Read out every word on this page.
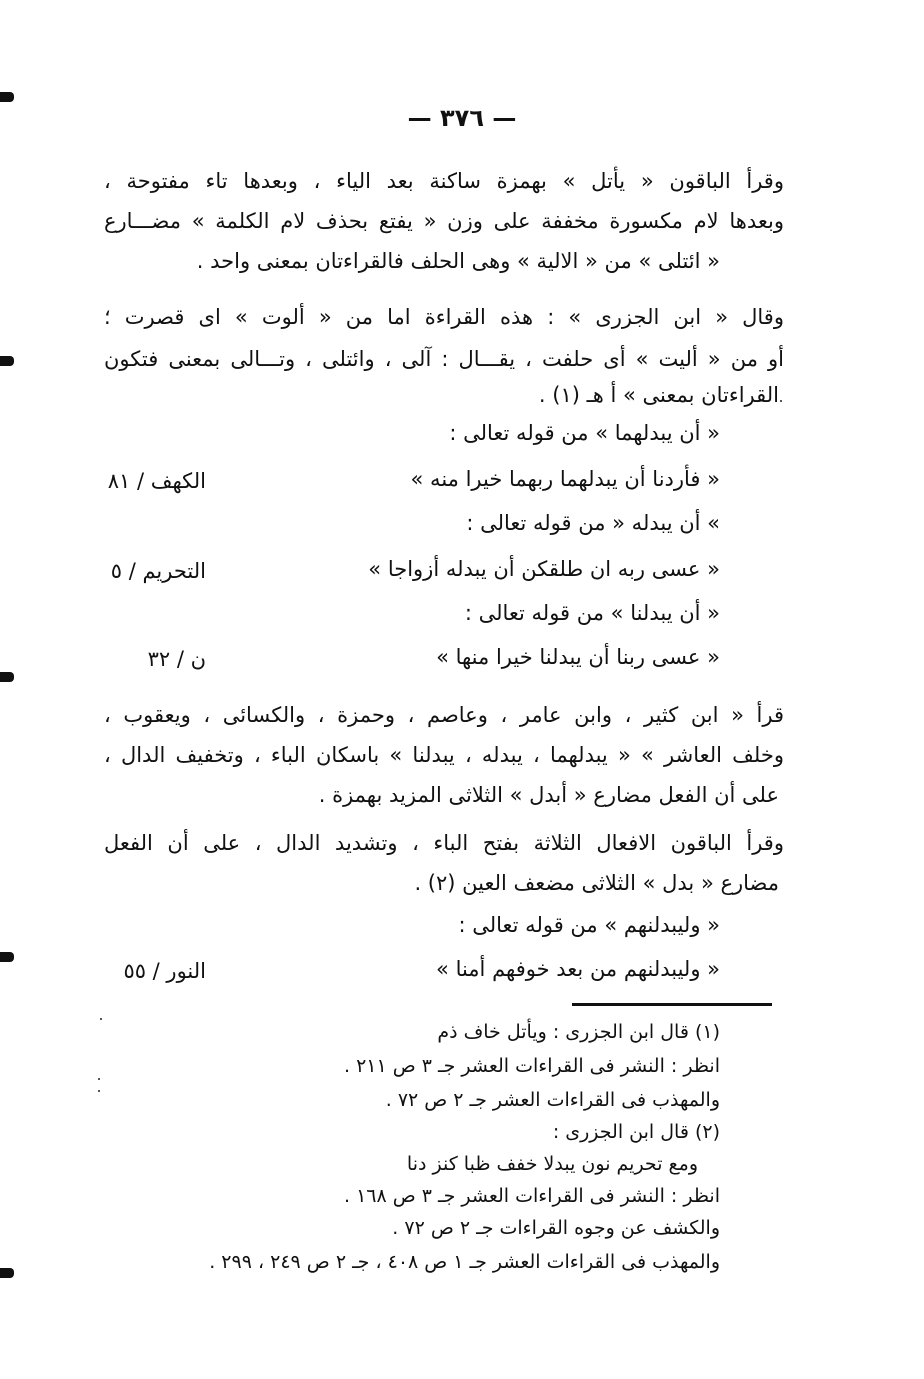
— ٣٧٦ —
وقرأ الباقون « يأتل » بهمزة ساكنة بعد الياء ، وبعدها تاء مفتوحة ،
وبعدها لام مكسورة مخففة على وزن « يفتع بحذف لام الكلمة » مضـــارع
« ائتلى » من « الالية » وهى الحلف فالقراءتان بمعنى واحد .
وقال « ابن الجزرى » : هذه القراءة اما من « ألوت » اى قصرت ؛
أو من « أليت » أى حلفت ، يقـــال : آلى ، وائتلى ، وتـــالى بمعنى فتكون
القراءتان بمعنى » أ هـ (١) .
« أن يبدلهما » من قوله تعالى :
« فأردنا أن يبدلهما ربهما خيرا منه »
الكهف / ٨١
» أن يبدله « من قوله تعالى :
« عسى ربه ان طلقكن أن يبدله أزواجا »
التحريم / ٥
« أن يبدلنا » من قوله تعالى :
« عسى ربنا أن يبدلنا خيرا منها »
ن / ٣٢
قرأ « ابن كثير ، وابن عامر ، وعاصم ، وحمزة ، والكسائى ، ويعقوب ،
وخلف العاشر » « يبدلهما ، يبدله ، يبدلنا » باسكان الباء ، وتخفيف الدال ،
على أن الفعل مضارع « أبدل » الثلاثى المزيد بهمزة .
وقرأ الباقون الافعال الثلاثة بفتح الباء ، وتشديد الدال ، على أن الفعل
مضارع « بدل » الثلاثى مضعف العين (٢) .
« وليبدلنهم » من قوله تعالى :
« وليبدلنهم من بعد خوفهم أمنا »
النور / ٥٥
(١) قال ابن الجزرى : ويأتل خاف ذم
انظر : النشر فى القراءات العشر جـ ٣ ص ٢١١ .
والمهذب فى القراءات العشر جـ ٢ ص ٧٢ .
(٢) قال ابن الجزرى :
ومع تحريم نون يبدلا خفف ظبا كنز دنا
انظر : النشر فى القراءات العشر جـ ٣ ص ١٦٨ .
والكشف عن وجوه القراءات جـ ٢ ص ٧٢ .
والمهذب فى القراءات العشر جـ ١ ص ٤٠٨ ، جـ ٢ ص ٢٤٩ ، ٢٩٩ .
